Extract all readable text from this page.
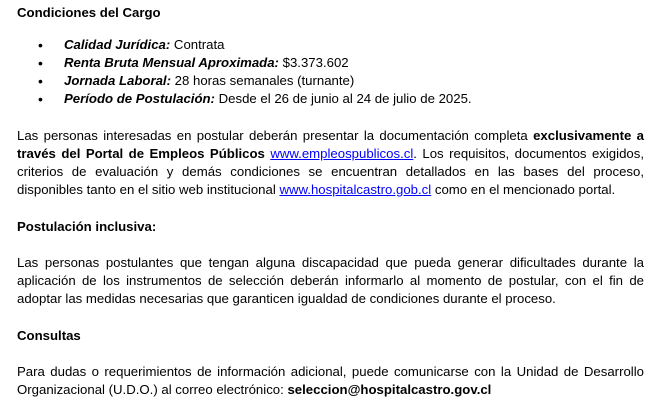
Condiciones del Cargo
• Calidad Jurídica: Contrata
• Renta Bruta Mensual Aproximada: $3.373.602
• Jornada Laboral: 28 horas semanales (turnante)
• Período de Postulación: Desde el 26 de junio al 24 de julio de 2025.
Las personas interesadas en postular deberán presentar la documentación completa exclusivamente a través del Portal de Empleos Públicos www.empleospublicos.cl. Los requisitos, documentos exigidos, criterios de evaluación y demás condiciones se encuentran detallados en las bases del proceso, disponibles tanto en el sitio web institucional www.hospitalcastro.gob.cl como en el mencionado portal.
Postulación inclusiva:
Las personas postulantes que tengan alguna discapacidad que pueda generar dificultades durante la aplicación de los instrumentos de selección deberán informarlo al momento de postular, con el fin de adoptar las medidas necesarias que garanticen igualdad de condiciones durante el proceso.
Consultas
Para dudas o requerimientos de información adicional, puede comunicarse con la Unidad de Desarrollo Organizacional (U.D.O.) al correo electrónico: seleccion@hospitalcastro.gov.cl
